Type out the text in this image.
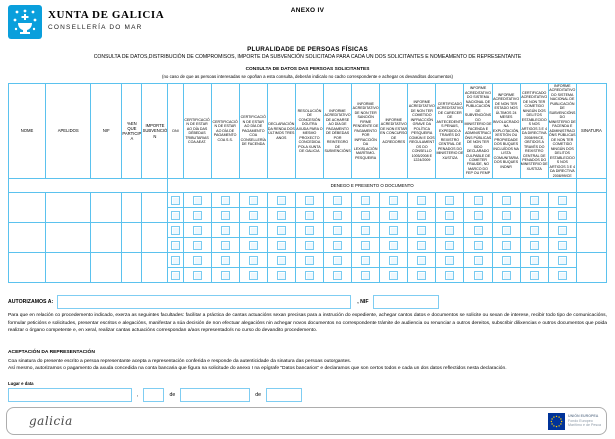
XUNTA DE GALICIA
CONSELLERÍA DO MAR
ANEXO IV
PLURALIDADE DE PERSOAS FÍSICAS
CONSULTA DE DATOS,DISTRIBUCIÓN DE COMPROMISOS, IMPORTE DA SUBVENCIÓN SOLICITADA PARA CADA UN DOS SOLICITANTES E NOMEAMENTO DE REPRESENTANTE
CONSULTA DE DATOS DAS PERSOAS SOLICITANTES
(no caso de que as persoas interesadas se opoñan a esta consulta, deberán indicalo no cadro correspondente e achegar os devanditos documentos)
NOME	APELIDOS	NIF	%EN QUE PARTICIPA	IMPORTE SUBVENCIÓN	DNI	CERTIFICACIÓN DE ESTAR AO DÍA DAS DÉBEDAS TRIBUTARIAS COA AEAT.	CERTIFICACIÓN DE ESTAR AO DÍA DE PAGAMENTO COA S.S.	CERTIFICACIÓN DE ESTAR AO DÍA DE PAGAMENTO COA CONSELLERÍA DE FACENDA	DECLARACIÓN DA RENDA DOS ÚLTIMOS TRES ANOS	RESOLUCIÓN DE CONCESIÓN DOUTRA AXUDA PARA O MESMO PROXECTO CONCEDIDA POLA XUNTA DE GALICIA	INFORME ACREDITATIVO DE ACHARSE AO DÍA DE PAGAMENTO DE DÉBEDAS POR REINTEGRO DE SUBVENCIÓNS	INFORME ACREDITATIVO DE NON TER SANCIÓN FIRME PENDENTE DE PAGAMENTO POR INFRACCIÓN DA LEXISLACIÓN MARÍTIMO-PESQUEIRA	INFORME ACREDITATIVO DE NON ESTAR EN CONCURSO DE ACREDORES	INFORME ACREDITATIVO DE NON TER COMETIDO INFRACCIÓN GRAVE DA POLÍTICA PESQUEIRA COMÚN E DOS REGULAMENTOS DO CONSELLO 1005/2008 E 1224/2009	CERTIFICADO ACREDITATIVO DE CARECER DE ANTECEDENTES PENAIS, EXPEDIDO A TRAVÉS DO REXISTRO CENTRAL DE PENADOS DO MINISTERIO DE XUSTIZA	INFORME ACREDITATIVO DO SISTEMA NACIONAL DE PUBLICACIÓN DE SUBVENCIÓNS DO MINISTERIO DE FACENDA E ADMINISTRACIÓNS PÚBLICAS DE NON TER SIDO DECLARADO CULPABLE DE COMETER FRAUDE, NO MARCO DO FEP OU FEMP	INFORME ACREDITATIVO DE NON TER ESTADO NOS ÚLTIMOS 24 MESES INVOLUCRADO NA EXPLOTACIÓN, XESTIÓN OU PROPIEDADE DOS BUQUES INCLUÍDOS NA LISTA COMUNITARIA DOS BUQUES INDNR	CERTIFICADO ACREDITATIVO DE NON TER COMETIDO NINGÚN DOS DELITOS ESTABLECIDOS NOS ARTIGOS 3 E 4 DA DIRECTIVA 2008/99/CE, OBTIDOS A TRAVÉS DO REXISTRO CENTRAL DE PENADOS DO MINISTERIO DE XUSTIZA	INFORME ACREDITATIVO DO SISTEMA NACIONAL DE PUBLICACIÓN DE SUBVENCIÓNS DO MINISTERIO DE FACENDA E ADMINISTRACIÓNS PÚBLICAS DE NON TER COMETIDO NINGÚN DOS DELITOS ESTABLECIDOS NOS ARTIGOS 3 E 4 DA DIRECTIVA 2008/99/CE	SINATURA
					DENEGO E PRESENTO O DOCUMENTO															

AUTORIZAMOS A:	, NIF
Para que en relación co procedemento indicado, exerza as seguintes facultades: facilitar a práctica de cantas actuacións sexan precisas para a instrución do expediente, achegar cantos datos e documentos se solicite ou sexan de interese, recibir todo tipo de comunicacións, formular peticións e solicitudes, presentar escritos e alegacións, manifestar a súa decisión de non efectuar alegacións nin achegar novos documentos no correspondente trámite de audiencia ou renunciar a outros dereitos, subscribir dilixencias e outros documentos que poida realizar o órgano competente e, en xeral, realizar cantas actuacións correspondan a/aos representado/s no curso do devandito procedemento.
ACEPTACIÓN DA REPRESENTACIÓN
Coa sinatura do presente escrito a persoa representante acepta a representación conferida e responde da autenticidade da sinatura das persoas outorgantes.
Así mesmo, autorizamos o pagamento da axuda concedida na conta bancaria que figura na solicitude do anexo I na epígrafe “Datos bancarios” e declaramos que son certos todos e cada un dos datos reflectidos nesta declaración.
Lugar e data
,	de	de
galicia	UNIÓN EUROPEA
Fondo Europeo
Marítimo e de Pesca
